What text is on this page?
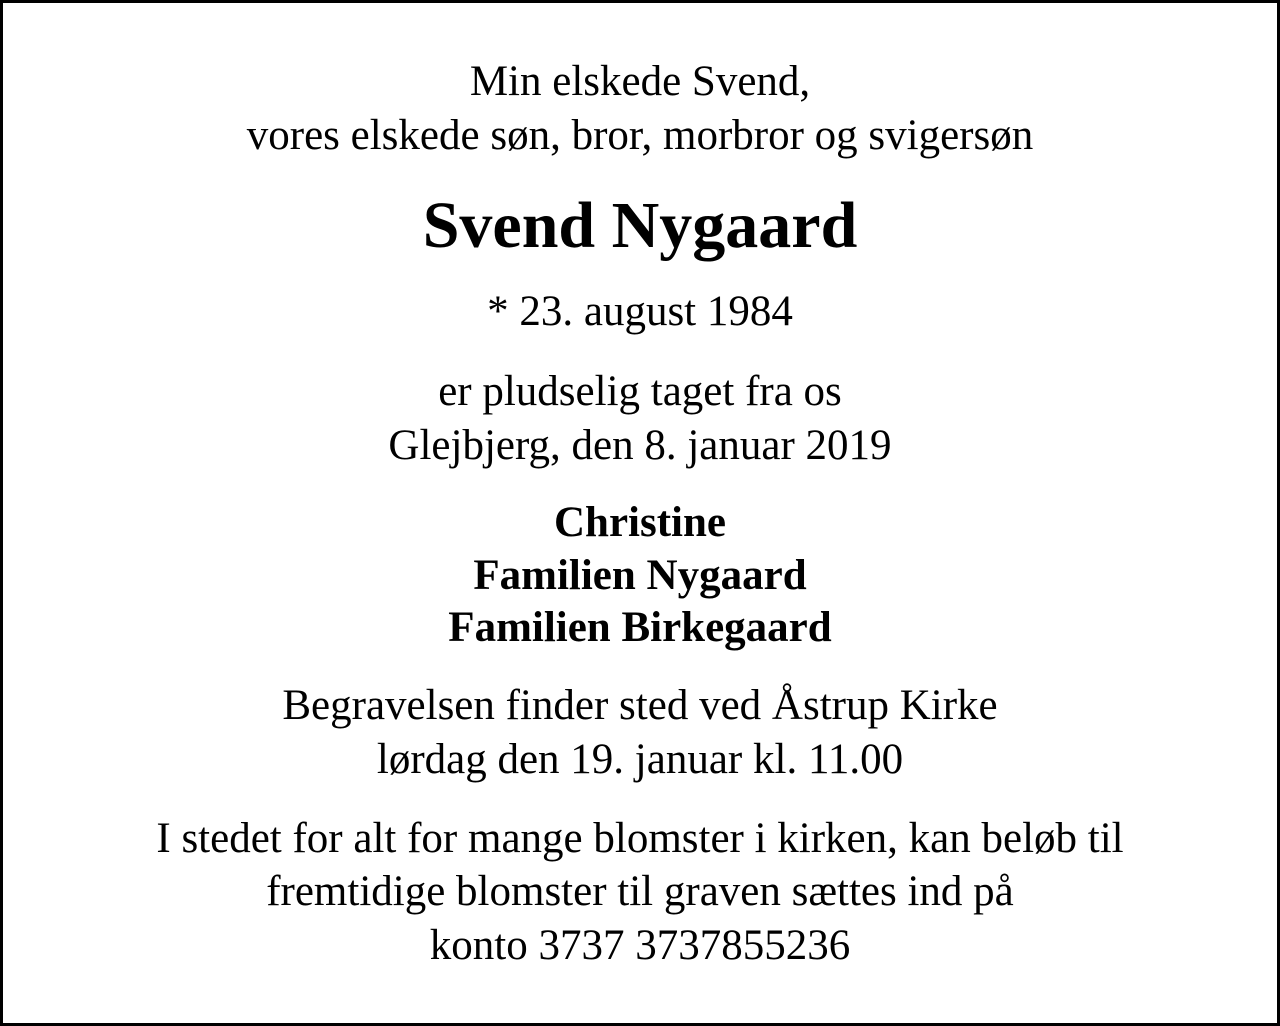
Min elskede Svend,
vores elskede søn, bror, morbror og svigersøn
Svend Nygaard
* 23. august 1984
er pludselig taget fra os
Glejbjerg, den 8. januar 2019
Christine
Familien Nygaard
Familien Birkegaard
Begravelsen finder sted ved Åstrup Kirke
lørdag den 19. januar kl. 11.00
I stedet for alt for mange blomster i kirken, kan beløb til
fremtidige blomster til graven sættes ind på
konto 3737 3737855236
